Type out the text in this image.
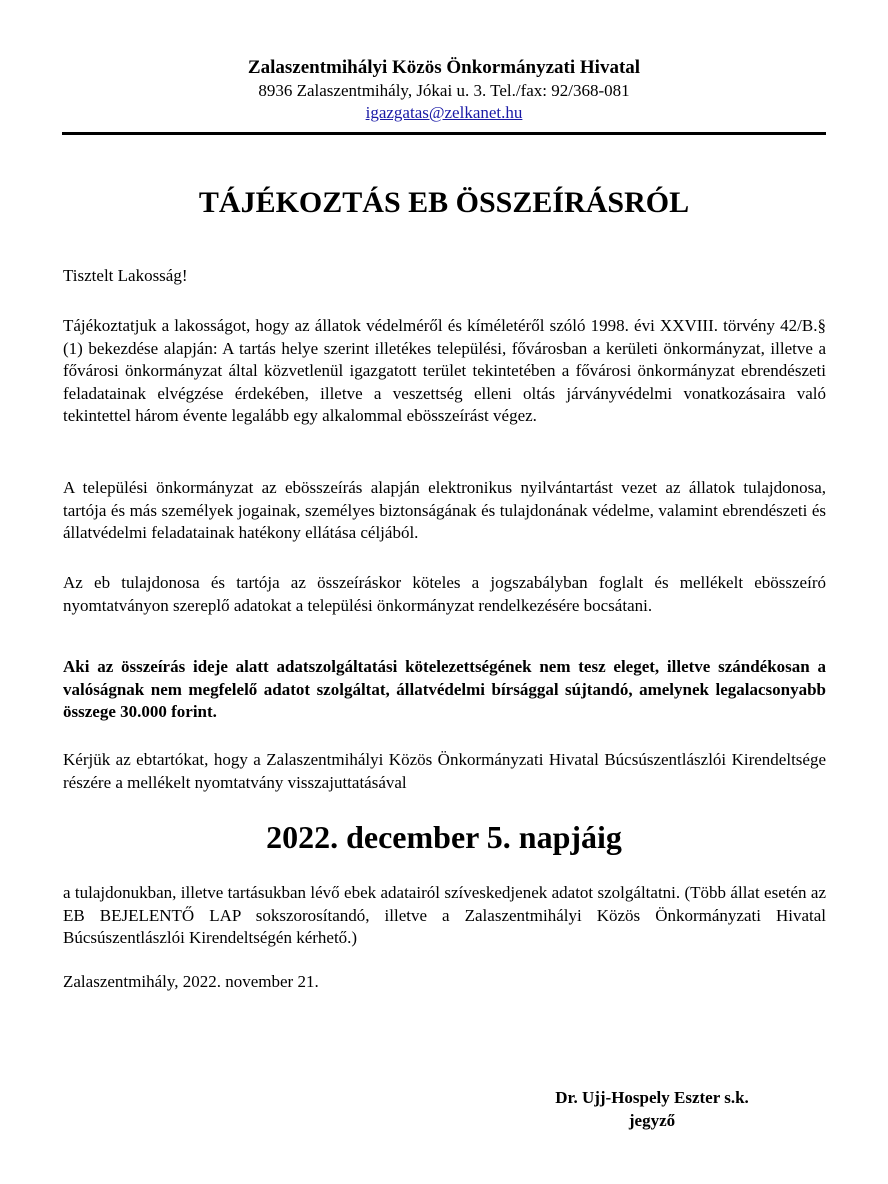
Zalaszentmihályi Közös Önkormányzati Hivatal
8936 Zalaszentmihály, Jókai u. 3. Tel./fax: 92/368-081
igazgatas@zelkanet.hu
TÁJÉKOZTÁS EB ÖSSZEÍRÁSRÓL

Tisztelt Lakosság!

Tájékoztatjuk a lakosságot, hogy az állatok védelméről és kíméletéről szóló 1998. évi XXVIII. törvény 42/B.§ (1) bekezdése alapján: A tartás helye szerint illetékes települési, fővárosban a kerületi önkormányzat, illetve a fővárosi önkormányzat által közvetlenül igazgatott terület tekintetében a fővárosi önkormányzat ebrendészeti feladatainak elvégzése érdekében, illetve a veszettség elleni oltás járványvédelmi vonatkozásaira való tekintettel három évente legalább egy alkalommal ebösszeírást végez.

A települési önkormányzat az ebösszeírás alapján elektronikus nyilvántartást vezet az állatok tulajdonosa, tartója és más személyek jogainak, személyes biztonságának és tulajdonának védelme, valamint ebrendészeti és állatvédelmi feladatainak hatékony ellátása céljából.

Az eb tulajdonosa és tartója az összeíráskor köteles a jogszabályban foglalt és mellékelt ebösszeíró nyomtatványon szereplő adatokat a települési önkormányzat rendelkezésére bocsátani.

Aki az összeírás ideje alatt adatszolgáltatási kötelezettségének nem tesz eleget, illetve szándékosan a valóságnak nem megfelelő adatot szolgáltat, állatvédelmi bírsággal sújtandó, amelynek legalacsonyabb összege 30.000 forint.

Kérjük az ebtartókat, hogy a Zalaszentmihályi Közös Önkormányzati Hivatal Búcsúszentlászlói Kirendeltsége részére a mellékelt nyomtatvány visszajuttatásával

2022. december 5. napjáig

a tulajdonukban, illetve tartásukban lévő ebek adatairól szíveskedjenek adatot szolgáltatni. (Több állat esetén az EB BEJELENTŐ LAP sokszorosítandó, illetve a Zalaszentmihályi Közös Önkormányzati Hivatal Búcsúszentlászlói Kirendeltségén kérhető.)

Zalaszentmihály, 2022. november 21.

Dr. Ujj-Hospely Eszter s.k.
jegyző
